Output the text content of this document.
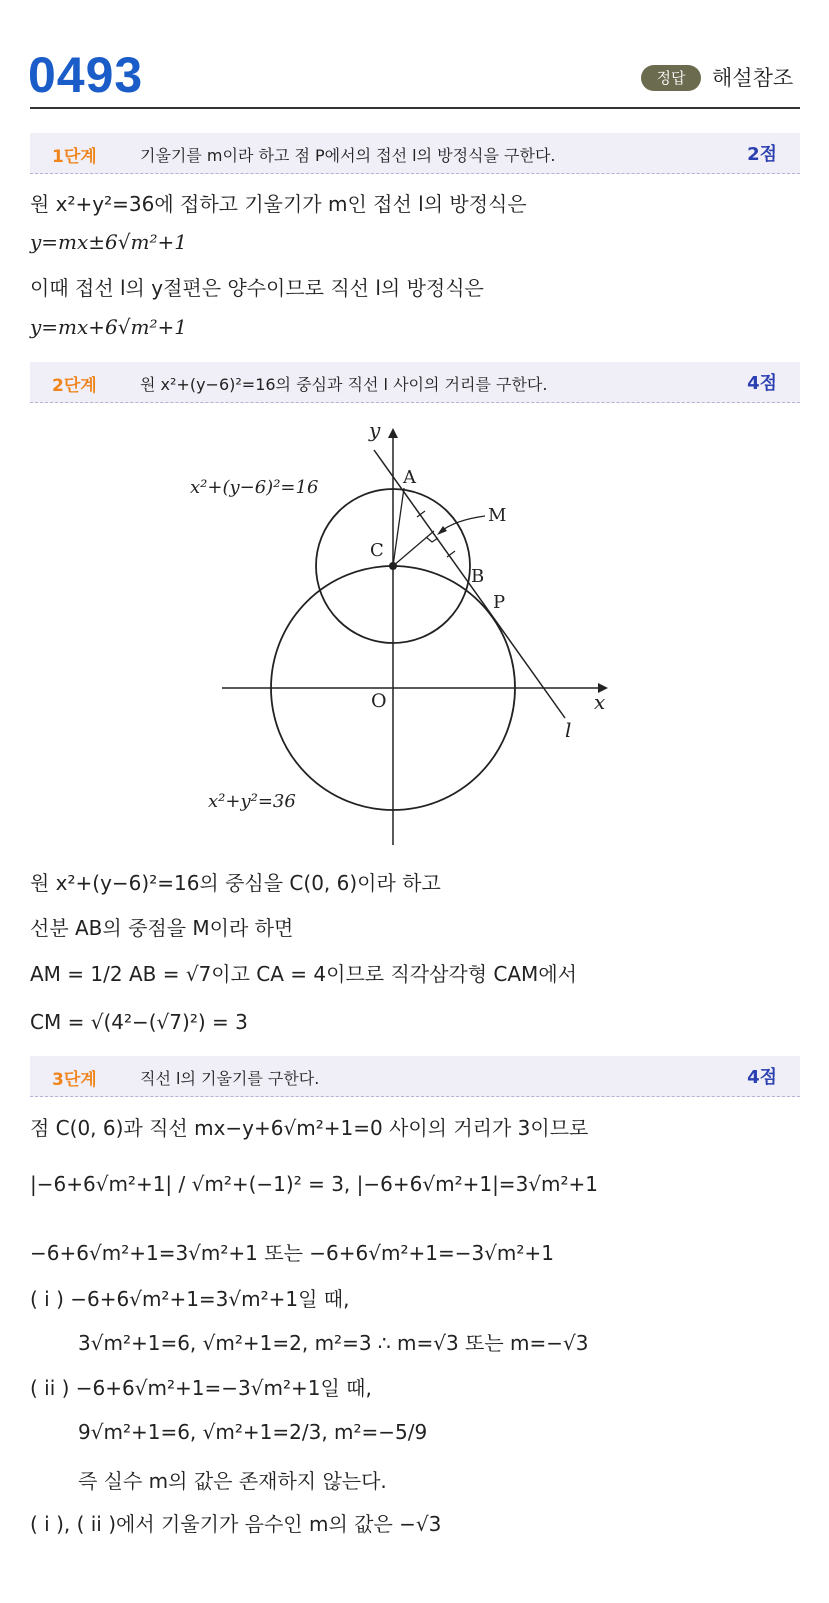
0493	정답	해설참조
1단계	기울기를 m이라 하고 점 P에서의 접선 l의 방정식을 구한다.	2점
원 x²+y²=36에 접하고 기울기가 m인 접선 l의 방정식은
y=mx±6√m²+1
이때 접선 l의 y절편은 양수이므로 직선 l의 방정식은
y=mx+6√m²+1
2단계	원 x²+(y−6)²=16의 중심과 직선 l 사이의 거리를 구한다.	4점
y
x
O
l
A
B
C
M
P
x²+(y−6)²=16
x²+y²=36
원 x²+(y−6)²=16의 중심을 C(0, 6)이라 하고
선분 AB의 중점을 M이라 하면
AM = 1/2 AB = √7이고 CA = 4이므로 직각삼각형 CAM에서
CM = √(4²−(√7)²) = 3
3단계	직선 l의 기울기를 구한다.	4점
점 C(0, 6)과 직선 mx−y+6√m²+1=0 사이의 거리가 3이므로
|−6+6√m²+1| / √m²+(−1)² = 3, |−6+6√m²+1|=3√m²+1
−6+6√m²+1=3√m²+1 또는 −6+6√m²+1=−3√m²+1
( i ) −6+6√m²+1=3√m²+1일 때,
3√m²+1=6, √m²+1=2, m²=3 ∴ m=√3 또는 m=−√3
( ii ) −6+6√m²+1=−3√m²+1일 때,
9√m²+1=6, √m²+1=2/3, m²=−5/9
즉 실수 m의 값은 존재하지 않는다.
( i ), ( ii )에서 기울기가 음수인 m의 값은 −√3
